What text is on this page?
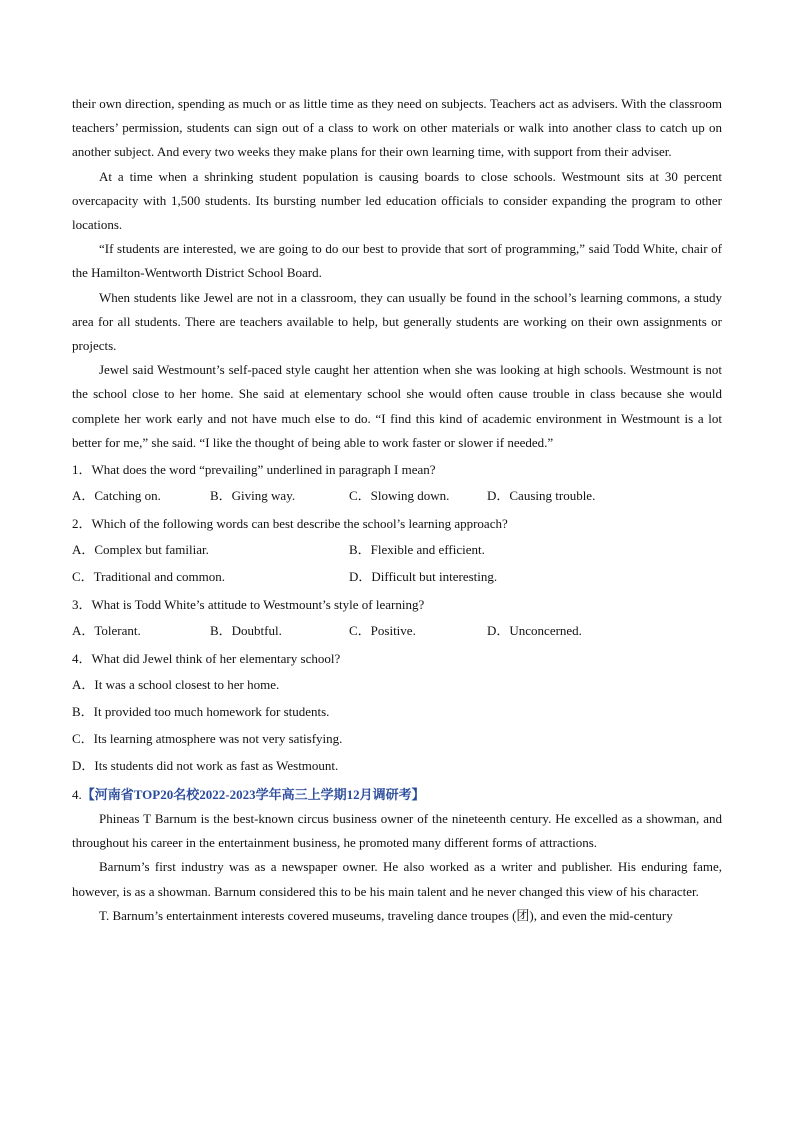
their own direction, spending as much or as little time as they need on subjects. Teachers act as advisers. With the classroom teachers’ permission, students can sign out of a class to work on other materials or walk into another class to catch up on another subject. And every two weeks they make plans for their own learning time, with support from their adviser.

At a time when a shrinking student population is causing boards to close schools. Westmount sits at 30 percent overcapacity with 1,500 students. Its bursting number led education officials to consider expanding the program to other locations.

“If students are interested, we are going to do our best to provide that sort of programming,” said Todd White, chair of the Hamilton-Wentworth District School Board.

When students like Jewel are not in a classroom, they can usually be found in the school’s learning commons, a study area for all students. There are teachers available to help, but generally students are working on their own assignments or projects.

Jewel said Westmount’s self-paced style caught her attention when she was looking at high schools. Westmount is not the school close to her home. She said at elementary school she would often cause trouble in class because she would complete her work early and not have much else to do. “I find this kind of academic environment in Westmount is a lot better for me,” she said. “I like the thought of being able to work faster or slower if needed.”

1．What does the word “prevailing” underlined in paragraph I mean?

A．Catching on.	B．Giving way.	C．Slowing down.	D．Causing trouble.

2．Which of the following words can best describe the school’s learning approach?

A．Complex but familiar.	B．Flexible and efficient.
C．Traditional and common.	D．Difficult but interesting.

3．What is Todd White’s attitude to Westmount’s style of learning?

A．Tolerant.	B．Doubtful.	C．Positive.	D．Unconcerned.

4．What did Jewel think of her elementary school?

A．It was a school closest to her home.
B．It provided too much homework for students.
C．Its learning atmosphere was not very satisfying.
D．Its students did not work as fast as Westmount.

4.【河南省TOP20名校2022-2023学年高三上学期12月调研考】

Phineas T Barnum is the best-known circus business owner of the nineteenth century. He excelled as a showman, and throughout his career in the entertainment business, he promoted many different forms of attractions.

Barnum’s first industry was as a newspaper owner. He also worked as a writer and publisher. His enduring fame, however, is as a showman. Barnum considered this to be his main talent and he never changed this view of his character.

T. Barnum’s entertainment interests covered museums, traveling dance troupes (团), and even the mid-century
